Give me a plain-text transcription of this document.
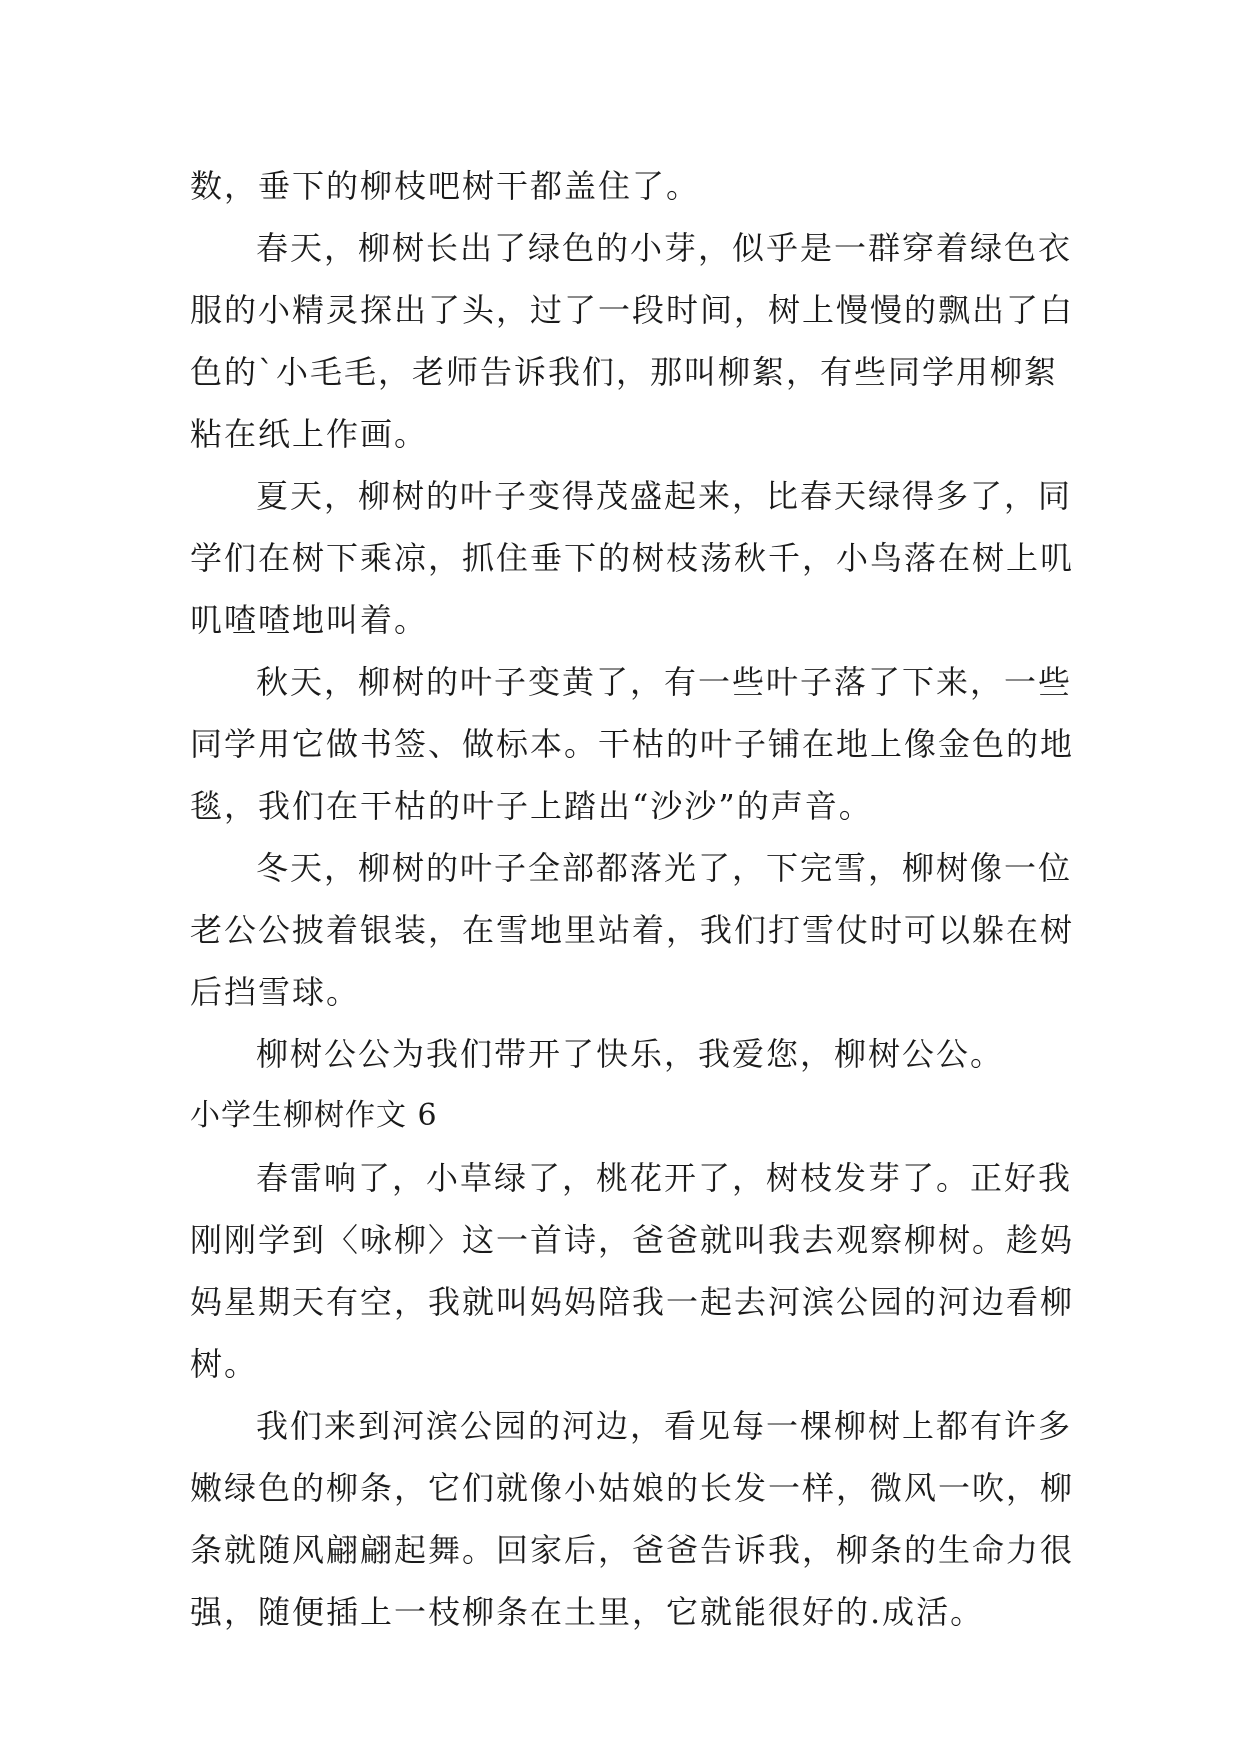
数，垂下的柳枝吧树干都盖住了。
春天，柳树长出了绿色的小芽，似乎是一群穿着绿色衣
服的小精灵探出了头，过了一段时间，树上慢慢的飘出了白
色的`小毛毛，老师告诉我们，那叫柳絮，有些同学用柳絮
粘在纸上作画。
夏天，柳树的叶子变得茂盛起来，比春天绿得多了，同
学们在树下乘凉，抓住垂下的树枝荡秋千，小鸟落在树上叽
叽喳喳地叫着。
秋天，柳树的叶子变黄了，有一些叶子落了下来，一些
同学用它做书签、做标本。干枯的叶子铺在地上像金色的地
毯，我们在干枯的叶子上踏出“沙沙”的声音。
冬天，柳树的叶子全部都落光了，下完雪，柳树像一位
老公公披着银装，在雪地里站着，我们打雪仗时可以躲在树
后挡雪球。
柳树公公为我们带开了快乐，我爱您，柳树公公。
小学生柳树作文 6
春雷响了，小草绿了，桃花开了，树枝发芽了。正好我
刚刚学到〈咏柳〉这一首诗，爸爸就叫我去观察柳树。趁妈
妈星期天有空，我就叫妈妈陪我一起去河滨公园的河边看柳
树。
我们来到河滨公园的河边，看见每一棵柳树上都有许多
嫩绿色的柳条，它们就像小姑娘的长发一样，微风一吹，柳
条就随风翩翩起舞。回家后，爸爸告诉我，柳条的生命力很
强，随便插上一枝柳条在土里，它就能很好的.成活。
